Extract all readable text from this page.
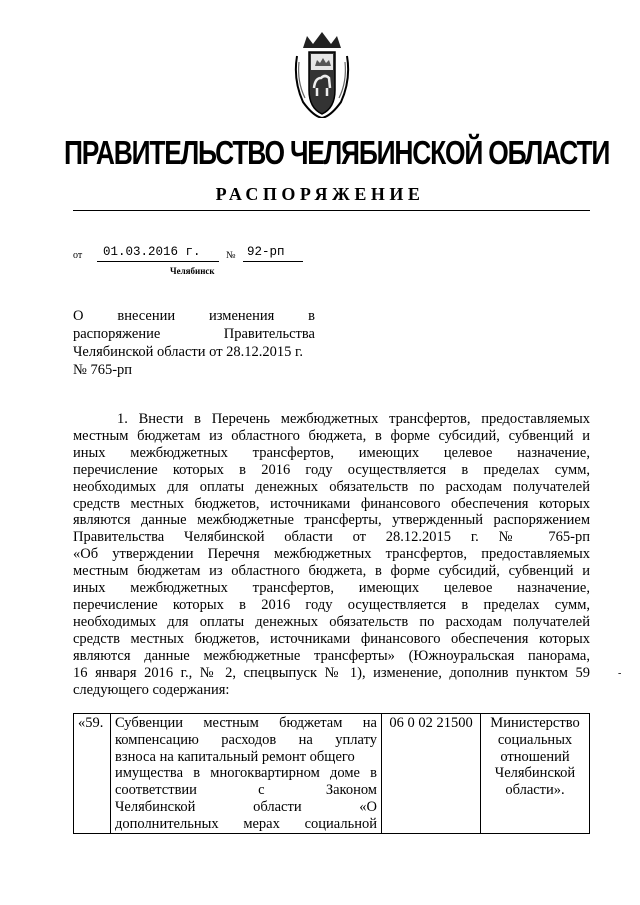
ПРАВИТЕЛЬСТВО ЧЕЛЯБИНСКОЙ ОБЛАСТИ
РАСПОРЯЖЕНИЕ
от	01.03.2016 г.	№ 92-рп
Челябинск
О внесении изменения в
распоряжение Правительства
Челябинской области от 28.12.2015 г.
№ 765-рп
1. Внести в Перечень межбюджетных трансфертов, предоставляемых
местным бюджетам из областного бюджета, в форме субсидий, субвенций и
иных межбюджетных трансфертов, имеющих целевое назначение,
перечисление которых в 2016 году осуществляется в пределах сумм,
необходимых для оплаты денежных обязательств по расходам получателей
средств местных бюджетов, источниками финансового обеспечения которых
являются данные межбюджетные трансферты, утвержденный распоряжением
Правительства Челябинской области от 28.12.2015 г. № 765-рп
«Об утверждении Перечня межбюджетных трансфертов, предоставляемых
местным бюджетам из областного бюджета, в форме субсидий, субвенций и
иных межбюджетных трансфертов, имеющих целевое назначение,
перечисление которых в 2016 году осуществляется в пределах сумм,
необходимых для оплаты денежных обязательств по расходам получателей
средств местных бюджетов, источниками финансового обеспечения которых
являются данные межбюджетные трансферты» (Южноуральская панорама,
16 января 2016 г., № 2, спецвыпуск № 1), изменение, дополнив пунктом 59
следующего содержания:
«59.	Субвенции местным бюджетам на
компенсацию расходов на уплату
взноса на капитальный ремонт общего
имущества в многоквартирном доме в
соответствии с Законом
Челябинской области «О
дополнительных мерах социальной
	06 0 02 21500	Министерство
социальных
отношений
Челябинской
области».
-
